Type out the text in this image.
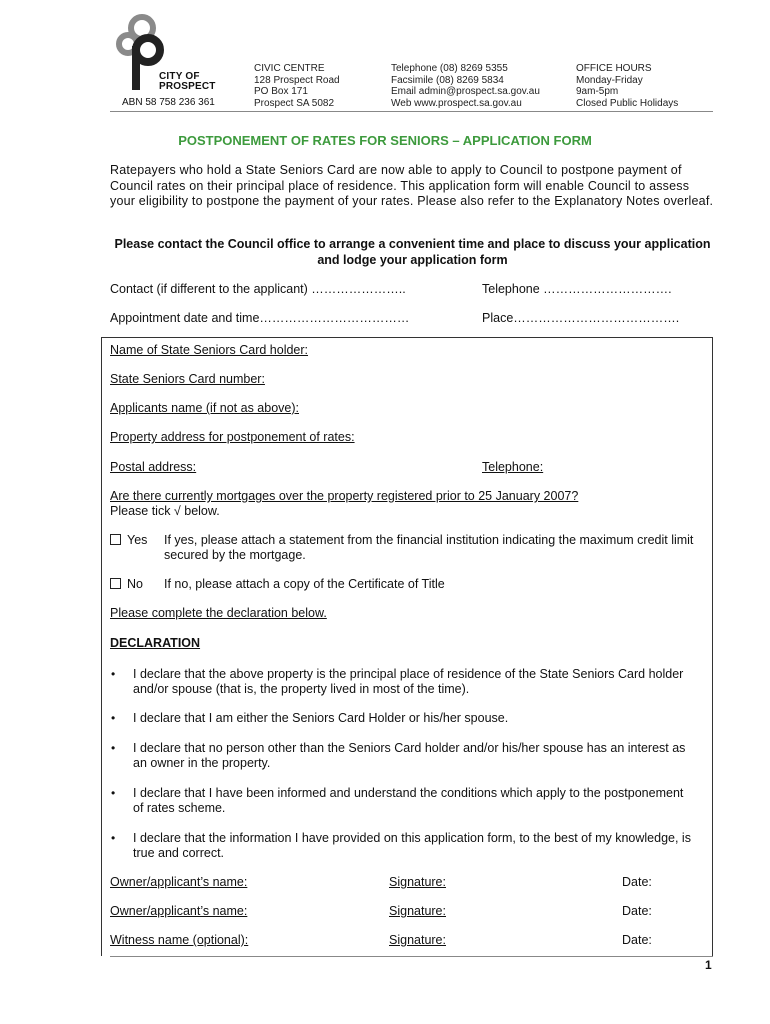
CITY OF
PROSPECT
ABN 58 758 236 361
CIVIC CENTRE
128 Prospect Road
PO Box 171
Prospect SA 5082
Telephone (08) 8269 5355
Facsimile (08) 8269 5834
Email admin@prospect.sa.gov.au
Web www.prospect.sa.gov.au
OFFICE HOURS
Monday-Friday
9am-5pm
Closed Public Holidays
POSTPONEMENT OF RATES FOR SENIORS – APPLICATION FORM

Ratepayers who hold a State Seniors Card are now able to apply to Council to postpone payment of Council rates on their principal place of residence. This application form will enable Council to assess your eligibility to postpone the payment of your rates. Please also refer to the Explanatory Notes overleaf.

Please contact the Council office to arrange a convenient time and place to discuss your application and lodge your application form
Contact (if different to the applicant) …………………..	Telephone ………………………….
Appointment date and time………………………………	Place………………………………….
Name of State Seniors Card holder:
State Seniors Card number:
Applicants name (if not as above):
Property address for postponement of rates:
Postal address:	Telephone:
Are there currently mortgages over the property registered prior to 25 January 2007?
Please tick √ below.
Yes If yes, please attach a statement from the financial institution indicating the maximum credit limit secured by the mortgage.
No If no, please attach a copy of the Certificate of Title
Please complete the declaration below.
DECLARATION
• I declare that the above property is the principal place of residence of the State Seniors Card holder and/or spouse (that is, the property lived in most of the time).
• I declare that I am either the Seniors Card Holder or his/her spouse.
• I declare that no person other than the Seniors Card holder and/or his/her spouse has an interest as an owner in the property.
• I declare that I have been informed and understand the conditions which apply to the postponement of rates scheme.
• I declare that the information I have provided on this application form, to the best of my knowledge, is true and correct.
Owner/applicant’s name:	Signature:	Date:
Owner/applicant’s name:	Signature:	Date:
Witness name (optional):	Signature:	Date:
1
